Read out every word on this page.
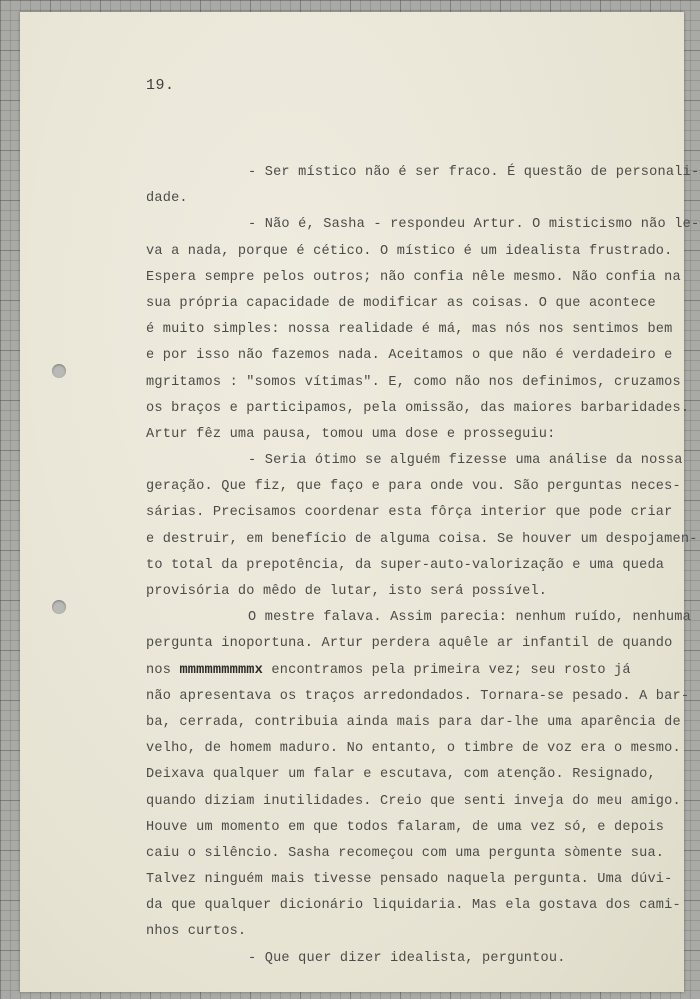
19.
- Ser místico não é ser fraco. É questão de personali-
dade.
- Não é, Sasha - respondeu Artur. O misticismo não le-
va a nada, porque é cético. O místico é um idealista frustrado.
Espera sempre pelos outros; não confia nêle mesmo. Não confia na
sua própria capacidade de modificar as coisas. O que acontece
é muito simples: nossa realidade é má, mas nós nos sentimos bem
e por isso não fazemos nada. Aceitamos o que não é verdadeiro e
mgritamos : "somos vítimas". E, como não nos definimos, cruzamos
os braços e participamos, pela omissão, das maiores barbaridades.
Artur fêz uma pausa, tomou uma dose e prosseguiu:
- Seria ótimo se alguém fizesse uma análise da nossa
geração. Que fiz, que faço e para onde vou. São perguntas neces-
sárias. Precisamos coordenar esta fôrça interior que pode criar
e destruir, em benefício de alguma coisa. Se houver um despojamen-
to total da prepotência, da super-auto-valorização e uma queda
provisória do mêdo de lutar, isto será possível.
O mestre falava. Assim parecia: nenhum ruído, nenhuma
pergunta inoportuna. Artur perdera aquêle ar infantil de quando
nos mmmmmmmmmx encontramos pela primeira vez; seu rosto já
não apresentava os traços arredondados. Tornara-se pesado. A bar-
ba, cerrada, contribuia ainda mais para dar-lhe uma aparência de
velho, de homem maduro. No entanto, o timbre de voz era o mesmo.
Deixava qualquer um falar e escutava, com atenção. Resignado,
quando diziam inutilidades. Creio que senti inveja do meu amigo.
Houve um momento em que todos falaram, de uma vez só, e depois
caiu o silêncio. Sasha recomeçou com uma pergunta sòmente sua.
Talvez ninguém mais tivesse pensado naquela pergunta. Uma dúvi-
da que qualquer dicionário liquidaria. Mas ela gostava dos cami-
nhos curtos.
- Que quer dizer idealista, perguntou.
